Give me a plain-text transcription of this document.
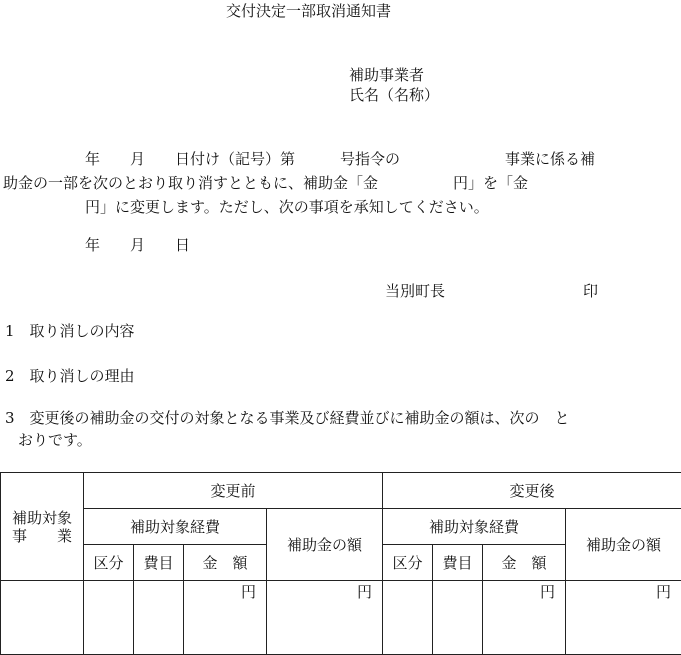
交付決定一部取消通知書
補助事業者
氏名（名称）
年　　月　　日付け（記号）第　　　号指令の　　　　　　　事業に係る補
助金の一部を次のとおり取り消すとともに、補助金「金　　　　　円」を「金
円」に変更します。ただし、次の事項を承知してください。
年　　月　　日
当別町長	印
1　取り消しの内容
2　取り消しの理由
3　変更後の補助金の交付の対象となる事業及び経費並びに補助金の額は、次の　と
おりです。
補助対象
事　　業	変更前				変更後			
	補助対象経費			補助金の額	補助対象経費			補助金の額
	区分	費目	金　額		区分	費目	金　額	
			円	円			円	円
